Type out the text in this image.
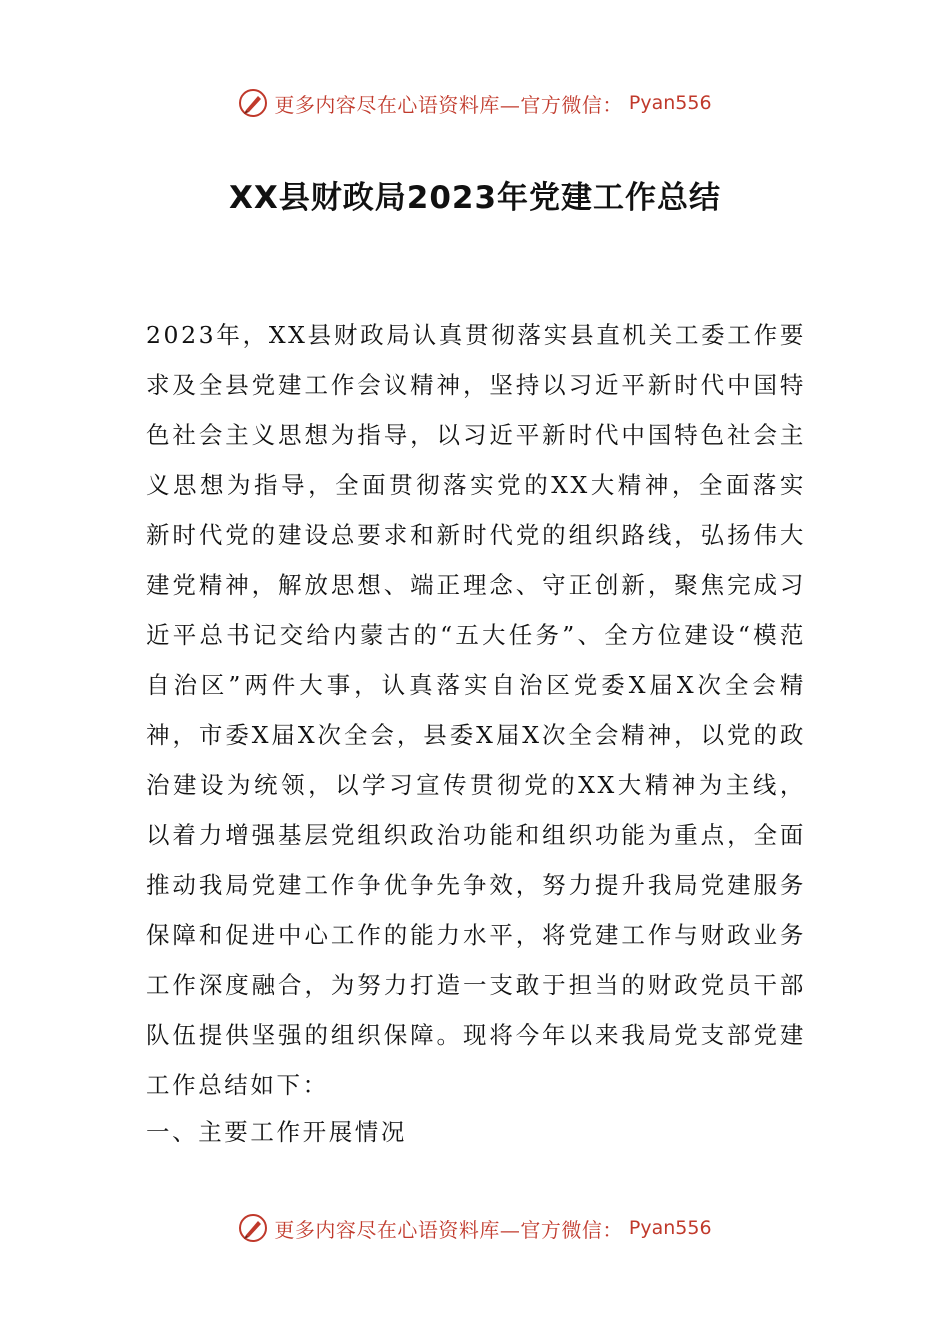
更多内容尽在心语资料库—官方微信： Pyan556
XX县财政局2023年党建工作总结

2023年，XX县财政局认真贯彻落实县直机关工委工作要求及全县党建工作会议精神，坚持以习近平新时代中国特色社会主义思想为指导，以习近平新时代中国特色社会主义思想为指导，全面贯彻落实党的XX大精神，全面落实新时代党的建设总要求和新时代党的组织路线，弘扬伟大建党精神，解放思想、端正理念、守正创新，聚焦完成习近平总书记交给内蒙古的“五大任务”、全方位建设“模范自治区”两件大事，认真落实自治区党委X届X次全会精神，市委X届X次全会，县委X届X次全会精神，以党的政治建设为统领，以学习宣传贯彻党的XX大精神为主线，以着力增强基层党组织政治功能和组织功能为重点，全面推动我局党建工作争优争先争效，努力提升我局党建服务保障和促进中心工作的能力水平，将党建工作与财政业务工作深度融合，为努力打造一支敢于担当的财政党员干部队伍提供坚强的组织保障。现将今年以来我局党支部党建工作总结如下：

一、主要工作开展情况
更多内容尽在心语资料库—官方微信： Pyan556
